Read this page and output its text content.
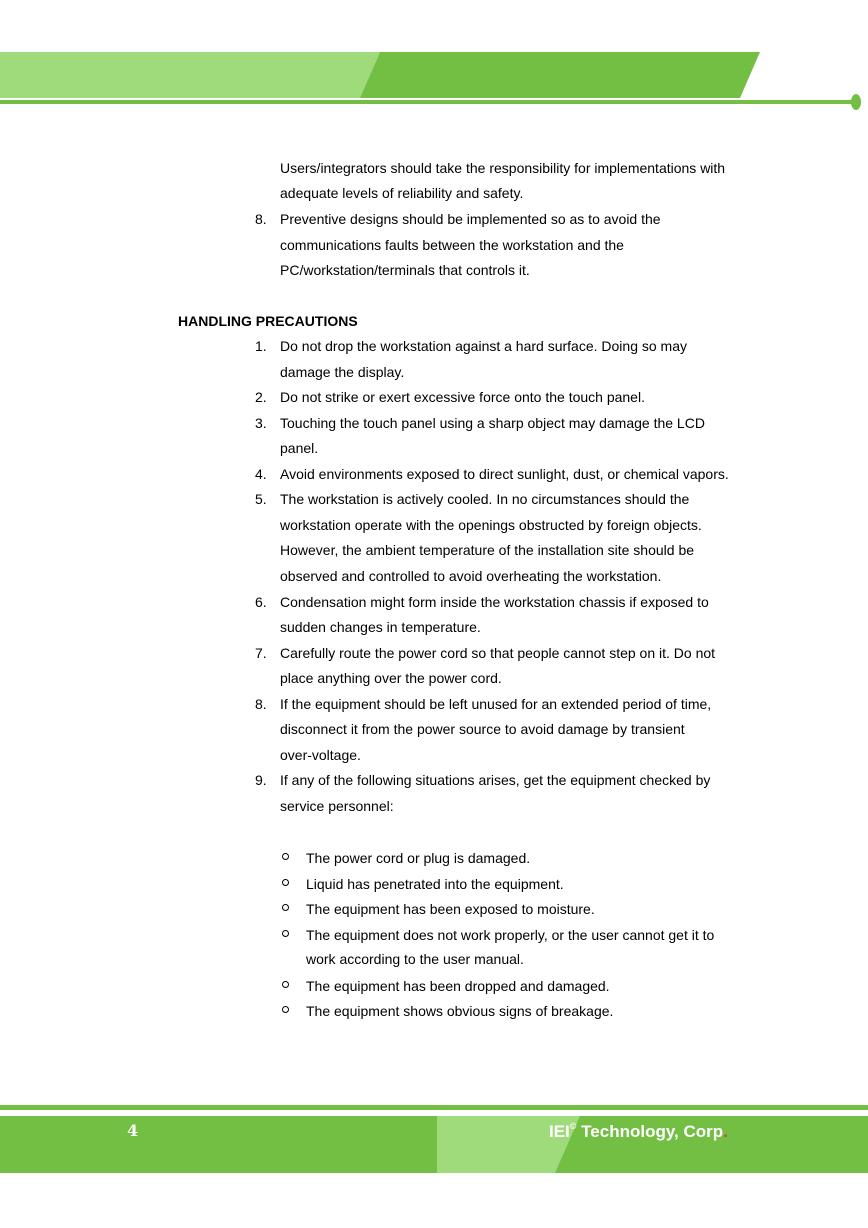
Users/integrators should take the responsibility for implementations with
adequate levels of reliability and safety.
8. Preventive designs should be implemented so as to avoid the
communications faults between the workstation and the
PC/workstation/terminals that controls it.
HANDLING PRECAUTIONS
1. Do not drop the workstation against a hard surface. Doing so may
damage the display.
2. Do not strike or exert excessive force onto the touch panel.
3. Touching the touch panel using a sharp object may damage the LCD
panel.
4. Avoid environments exposed to direct sunlight, dust, or chemical vapors.
5. The workstation is actively cooled. In no circumstances should the
workstation operate with the openings obstructed by foreign objects.
However, the ambient temperature of the installation site should be
observed and controlled to avoid overheating the workstation.
6. Condensation might form inside the workstation chassis if exposed to
sudden changes in temperature.
7. Carefully route the power cord so that people cannot step on it. Do not
place anything over the power cord.
8. If the equipment should be left unused for an extended period of time,
disconnect it from the power source to avoid damage by transient
over-voltage.
9. If any of the following situations arises, get the equipment checked by
service personnel:
The power cord or plug is damaged.
Liquid has penetrated into the equipment.
The equipment has been exposed to moisture.
The equipment does not work properly, or the user cannot get it to
work according to the user manual.
The equipment has been dropped and damaged.
The equipment shows obvious signs of breakage.
4	IEI© Technology, Corp.
